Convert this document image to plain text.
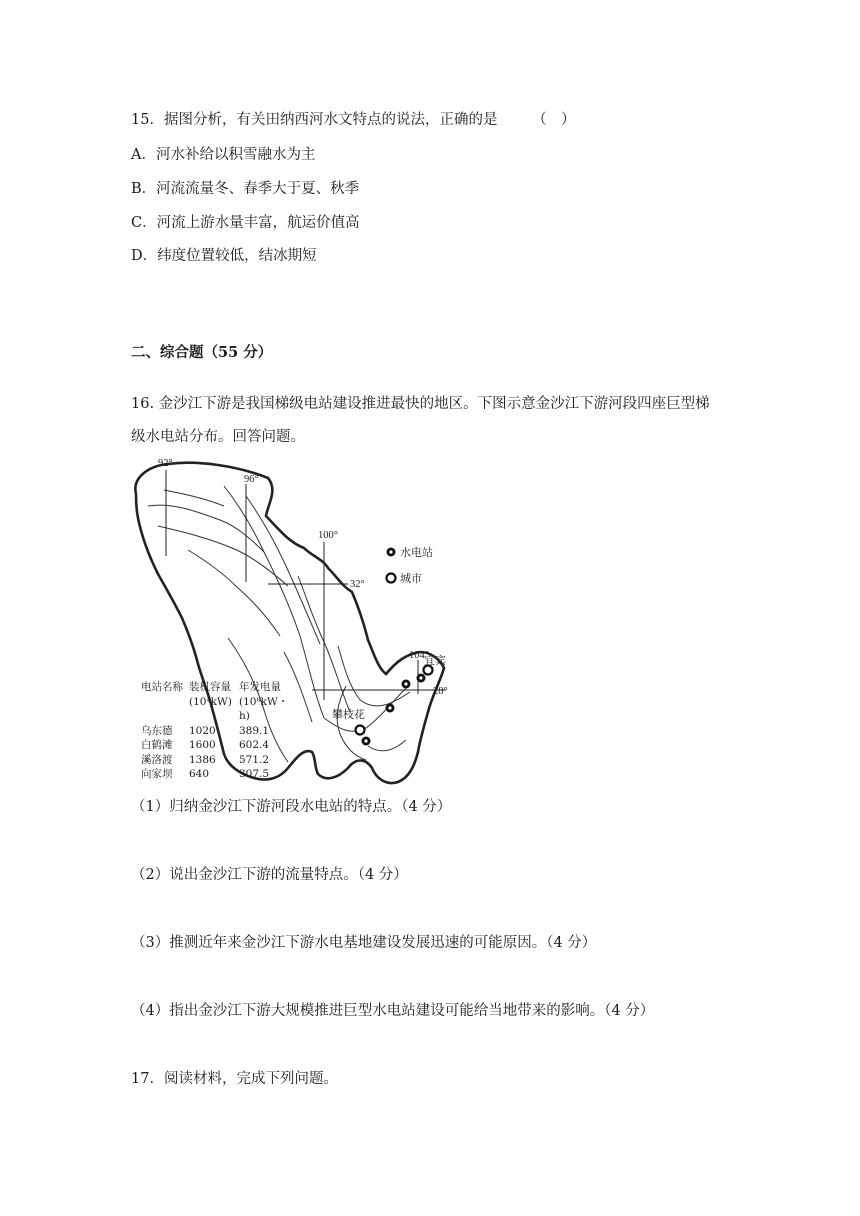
15．据图分析，有关田纳西河水文特点的说法，正确的是 （　）
A．河水补给以积雪融水为主
B．河流流量冬、春季大于夏、秋季
C．河流上游水量丰富，航运价值高
D．纬度位置较低，结冰期短
二、综合题（55 分）
16. 金沙江下游是我国梯级电站建设推进最快的地区。下图示意金沙江下游河段四座巨型梯
级水电站分布。回答问题。
92°
96°
100°
32°
104°
28°
宜宾
攀枝花
水电站
城市
电站名称 装机容量 年发电量
(10⁴kW) (10⁸kW・h)
乌东德	1020	389.1
白鹤滩	1600	602.4
溪洛渡	1386	571.2
向家坝	640	307.5
（1）归纳金沙江下游河段水电站的特点。（4 分）
（2）说出金沙江下游的流量特点。（4 分）
（3）推测近年来金沙江下游水电基地建设发展迅速的可能原因。（4 分）
（4）指出金沙江下游大规模推进巨型水电站建设可能给当地带来的影响。（4 分）
17．阅读材料，完成下列问题。
